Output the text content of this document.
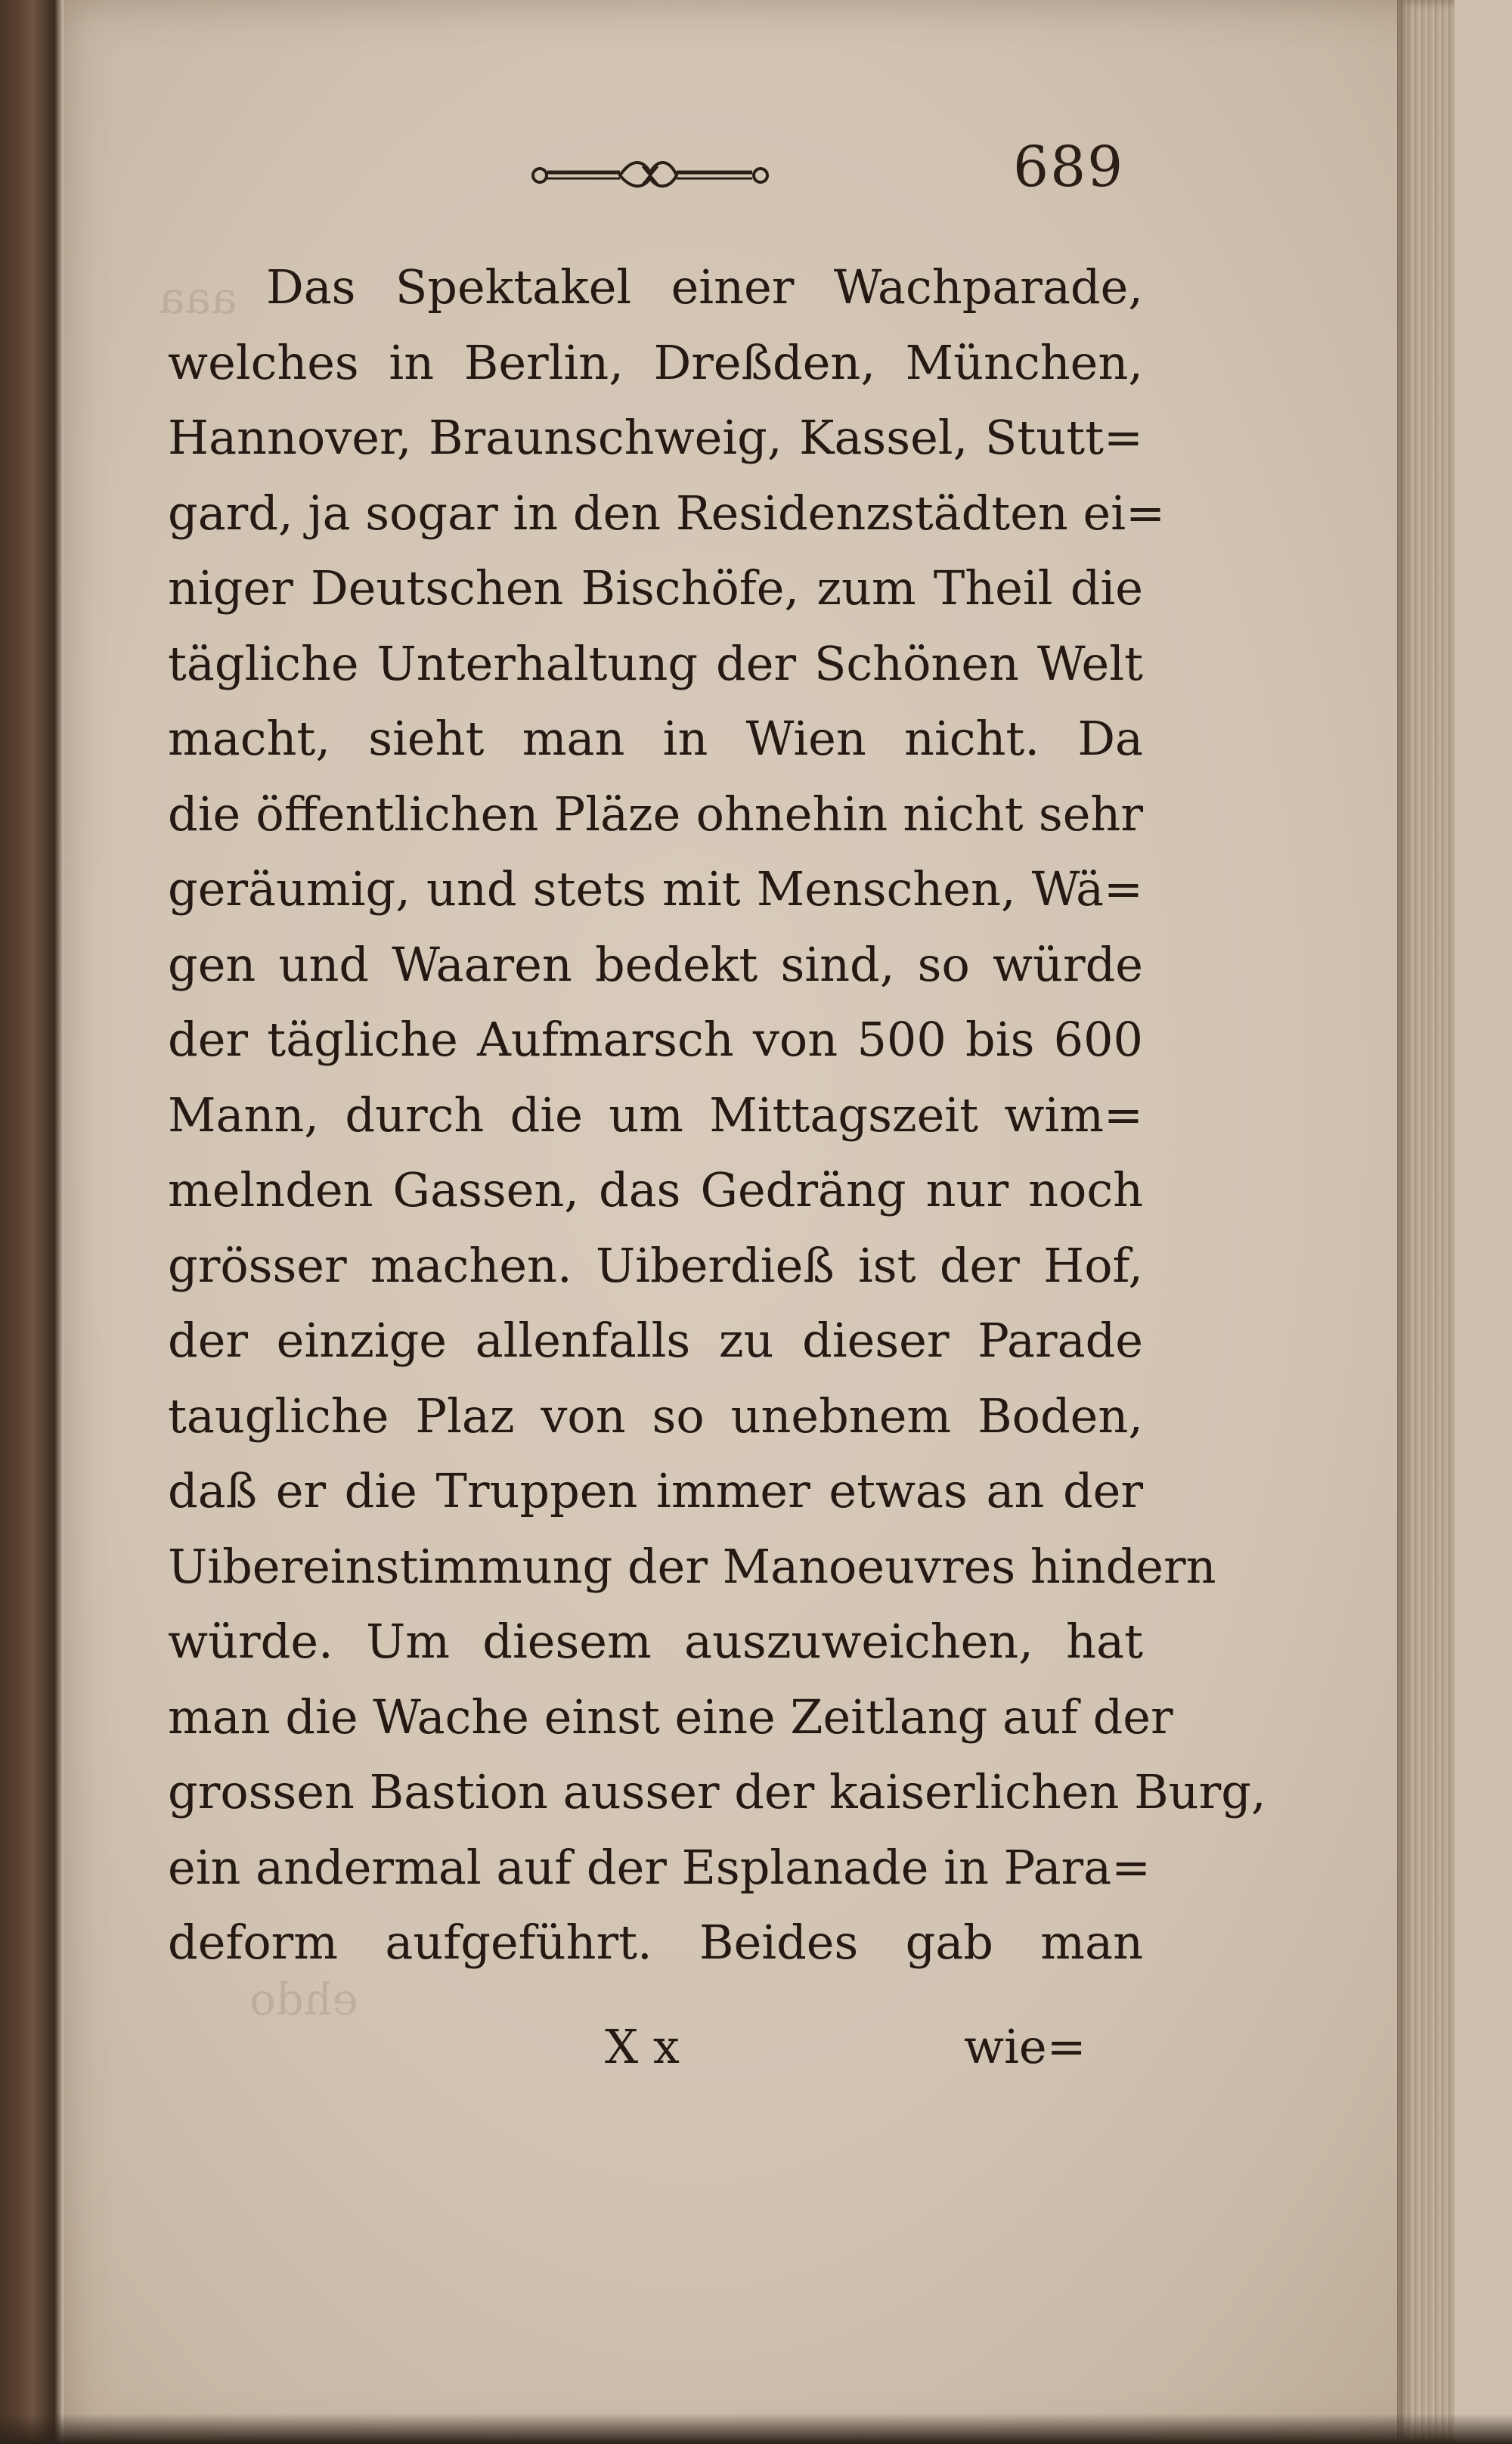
aaa
ehdo
689
Das Spektakel einer Wachparade,
welches in Berlin, Dreßden, München,
Hannover, Braunschweig, Kassel, Stutt=
gard, ja sogar in den Residenzstädten ei=
niger Deutschen Bischöfe, zum Theil die
tägliche Unterhaltung der Schönen Welt
macht, sieht man in Wien nicht. Da
die öffentlichen Pläze ohnehin nicht sehr
geräumig, und stets mit Menschen, Wä=
gen und Waaren bedekt sind, so würde
der tägliche Aufmarsch von 500 bis 600
Mann, durch die um Mittagszeit wim=
melnden Gassen, das Gedräng nur noch
grösser machen. Uiberdieß ist der Hof,
der einzige allenfalls zu dieser Parade
taugliche Plaz von so unebnem Boden,
daß er die Truppen immer etwas an der
Uibereinstimmung der Manoeuvres hindern
würde. Um diesem auszuweichen, hat
man die Wache einst eine Zeitlang auf der
grossen Bastion ausser der kaiserlichen Burg,
ein andermal auf der Esplanade in Para=
deform aufgeführt. Beides gab man
X x	wie=
